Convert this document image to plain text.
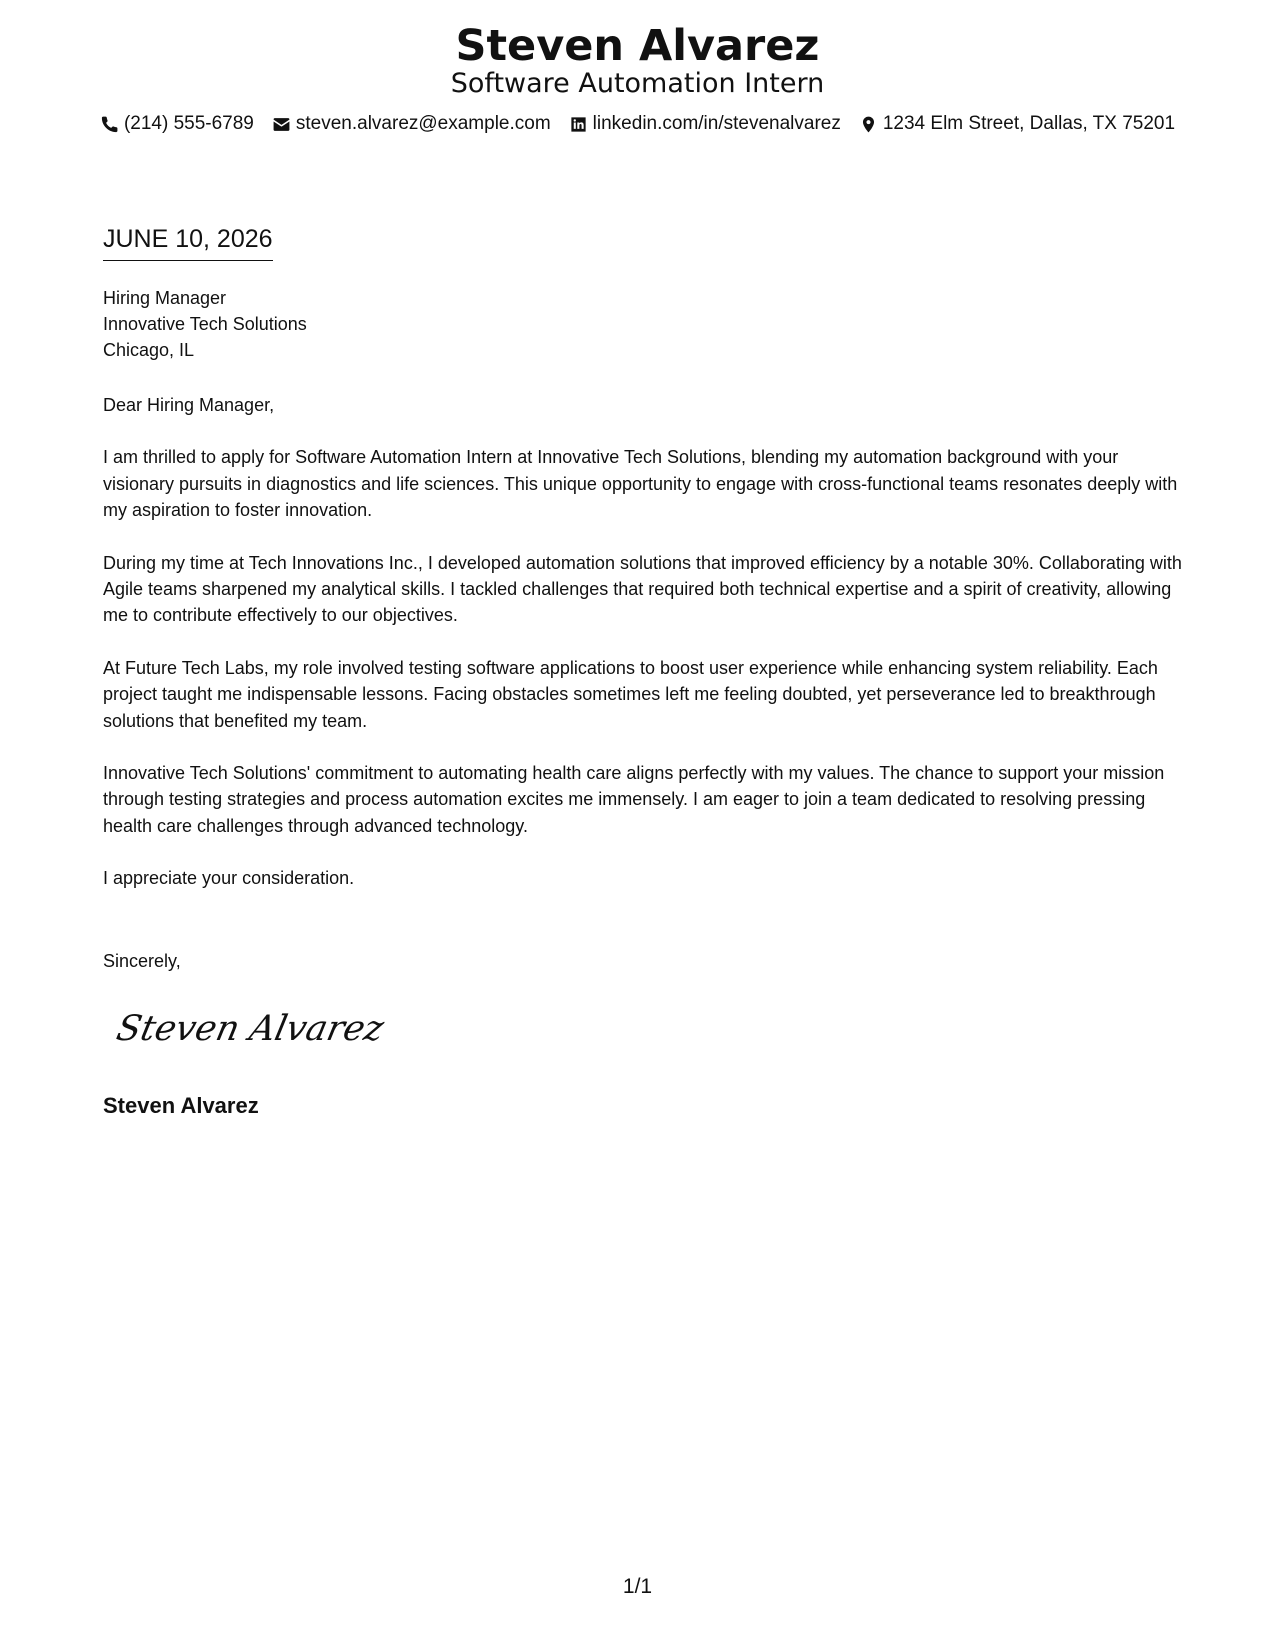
Steven Alvarez
Software Automation Intern
(214) 555-6789 steven.alvarez@example.com linkedin.com/in/stevenalvarez 1234 Elm Street, Dallas, TX 75201
JUNE 10, 2026
Hiring Manager
Innovative Tech Solutions
Chicago, IL

Dear Hiring Manager,

I am thrilled to apply for Software Automation Intern at Innovative Tech Solutions, blending my automation background with your visionary pursuits in diagnostics and life sciences. This unique opportunity to engage with cross-functional teams resonates deeply with my aspiration to foster innovation.

During my time at Tech Innovations Inc., I developed automation solutions that improved efficiency by a notable 30%. Collaborating with Agile teams sharpened my analytical skills. I tackled challenges that required both technical expertise and a spirit of creativity, allowing me to contribute effectively to our objectives.

At Future Tech Labs, my role involved testing software applications to boost user experience while enhancing system reliability. Each project taught me indispensable lessons. Facing obstacles sometimes left me feeling doubted, yet perseverance led to breakthrough solutions that benefited my team.

Innovative Tech Solutions' commitment to automating health care aligns perfectly with my values. The chance to support your mission through testing strategies and process automation excites me immensely. I am eager to join a team dedicated to resolving pressing health care challenges through advanced technology.

I appreciate your consideration.

Sincerely,
Steven Alvarez
Steven Alvarez
1/1
